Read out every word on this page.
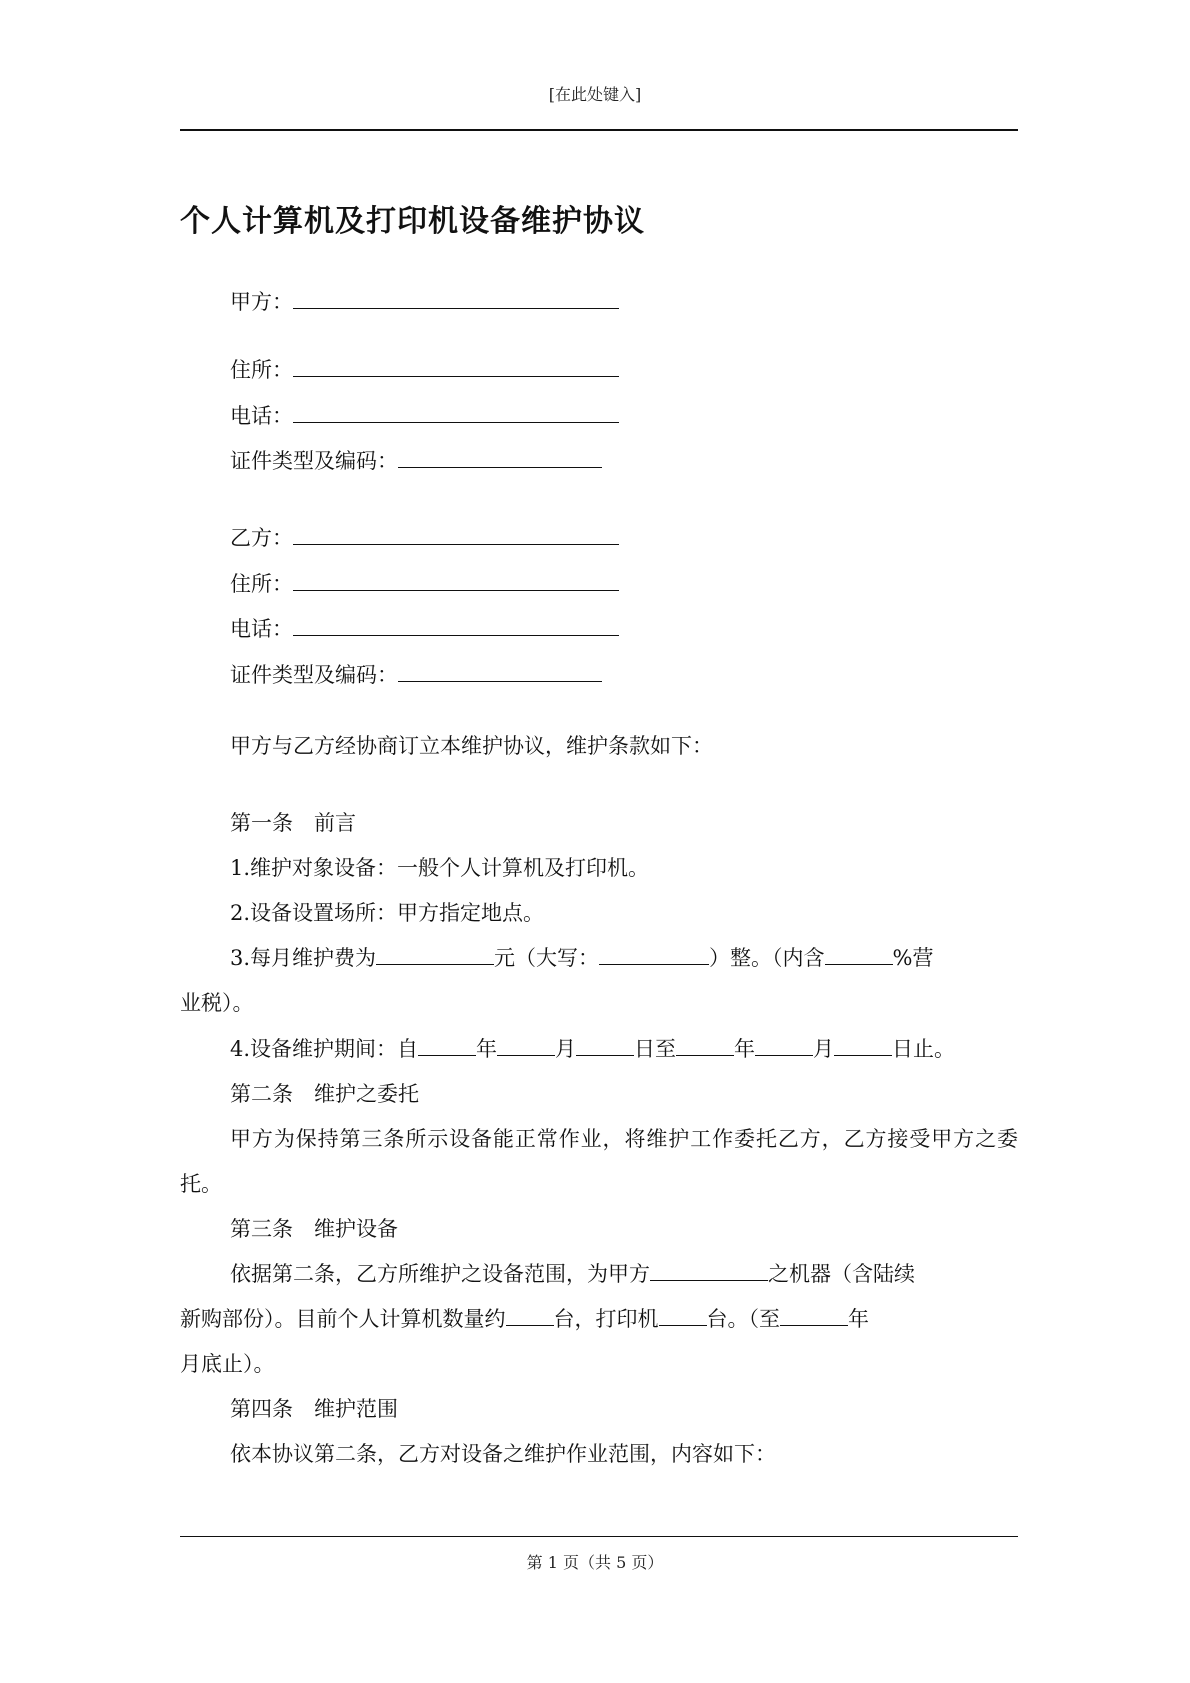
[在此处键入]
个人计算机及打印机设备维护协议
甲方：
住所：
电话：
证件类型及编码：
乙方：
住所：
电话：
证件类型及编码：
甲方与乙方经协商订立本维护协议，维护条款如下：
第一条　前言
1.维护对象设备：一般个人计算机及打印机。
2.设备设置场所：甲方指定地点。
3.每月维护费为	元（大写：	）整。（内含	%营
业税）。
4.设备维护期间：自	年	月	日至	年	月	日止。
第二条　维护之委托
甲方为保持第三条所示设备能正常作业，将维护工作委托乙方，乙方接受甲方之委托。
第三条　维护设备
依据第二条，乙方所维护之设备范围，为甲方	之机器（含陆续
新购部份）。目前个人计算机数量约 台，打印机 台。（至	年
月底止）。
第四条　维护范围
依本协议第二条，乙方对设备之维护作业范围，内容如下：
第 1 页（共 5 页）
